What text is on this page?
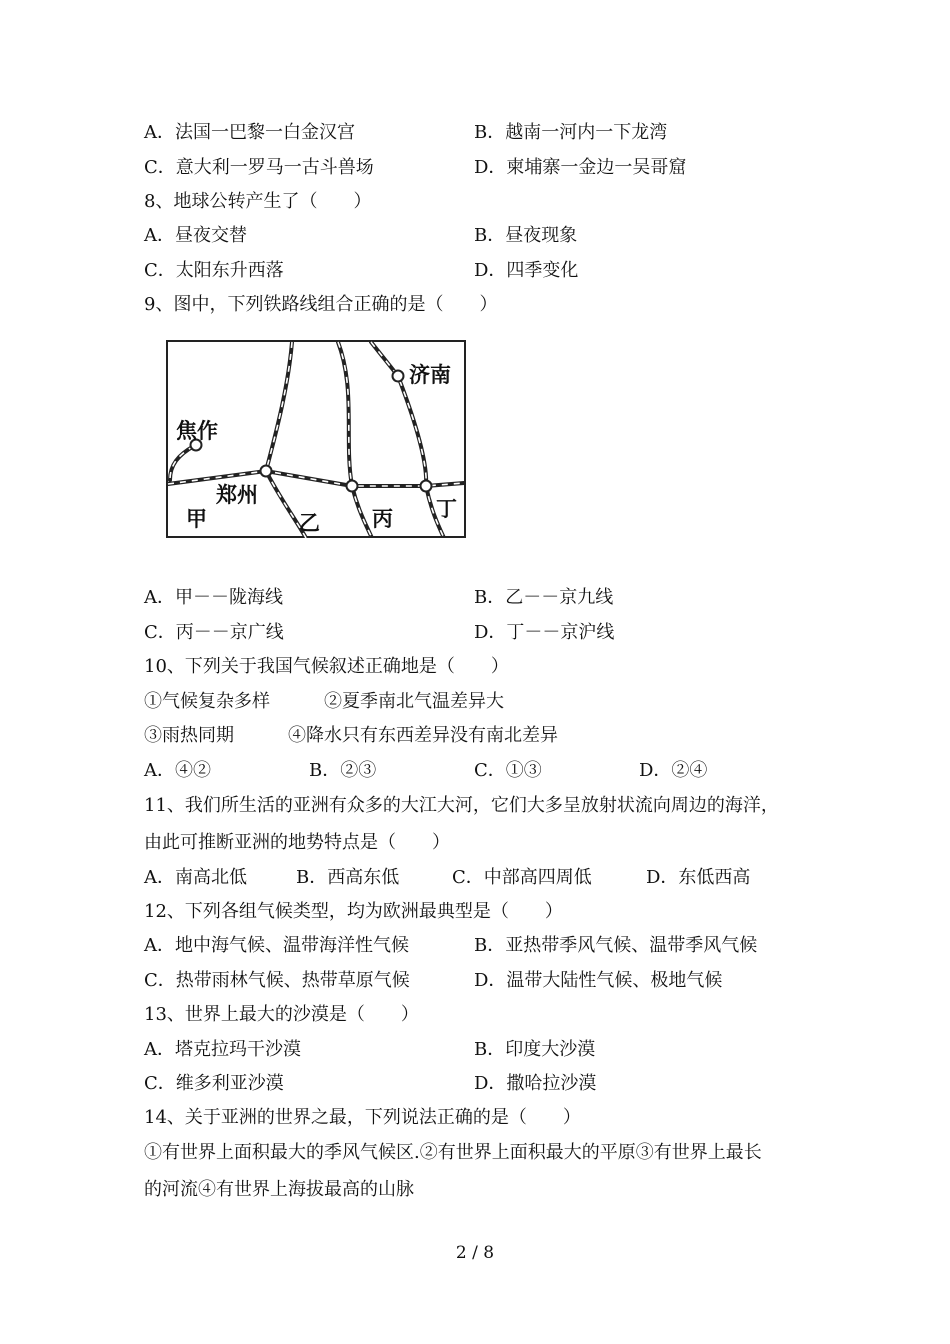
A．法国一巴黎一白金汉宫	B．越南一河内一下龙湾
C．意大利一罗马一古斗兽场	D．柬埔寨一金边一吴哥窟
8、地球公转产生了（　　）
A．昼夜交替	B．昼夜现象
C．太阳东升西落	D．四季变化
9、图中，下列铁路线组合正确的是（　　）
济南
焦作
郑州
甲	乙 丙 丁
A．甲－－陇海线	B．乙－－京九线
C．丙－－京广线	D．丁－－京沪线
10、下列关于我国气候叙述正确地是（　　）
①气候复杂多样　　　②夏季南北气温差异大
③雨热同期　　　④降水只有东西差异没有南北差异
A．④②	B．②③	C．①③	D．②④
11、我们所生活的亚洲有众多的大江大河，它们大多呈放射状流向周边的海洋，
由此可推断亚洲的地势特点是（　　）
A．南高北低	B．西高东低	C．中部高四周低	D．东低西高
12、下列各组气候类型，均为欧洲最典型是（　　）
A．地中海气候、温带海洋性气候	B．亚热带季风气候、温带季风气候
C．热带雨林气候、热带草原气候	D．温带大陆性气候、极地气候
13、世界上最大的沙漠是（　　）
A．塔克拉玛干沙漠	B．印度大沙漠
C．维多利亚沙漠	D．撒哈拉沙漠
14、关于亚洲的世界之最，下列说法正确的是（　　）
①有世界上面积最大的季风气候区.②有世界上面积最大的平原③有世界上最长
的河流④有世界上海拔最高的山脉
2 / 8
